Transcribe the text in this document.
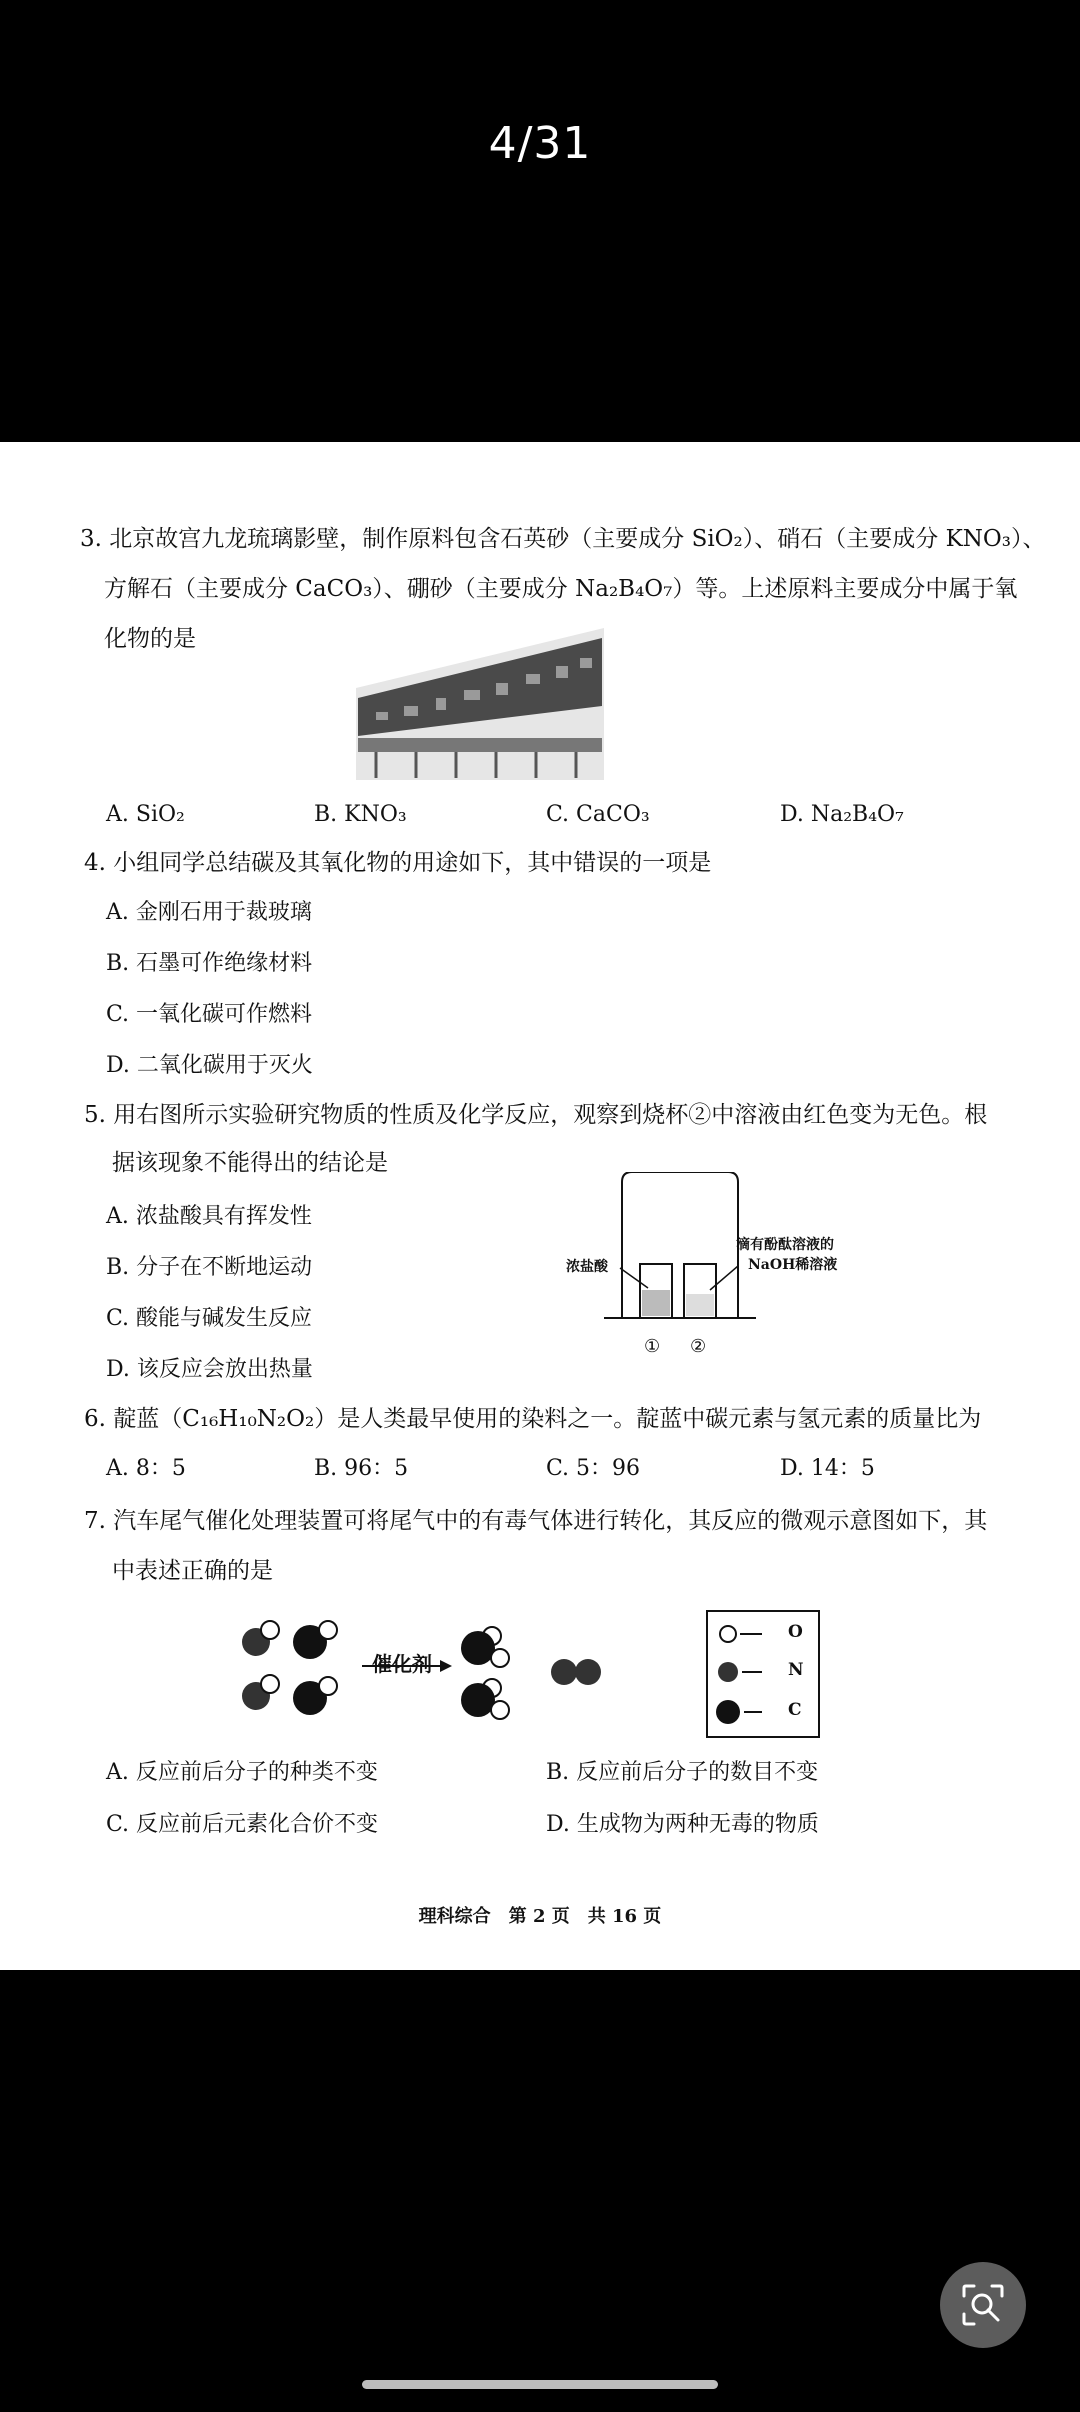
4/31
3. 北京故宫九龙琉璃影壁，制作原料包含石英砂（主要成分 SiO₂）、硝石（主要成分 KNO₃）、
方解石（主要成分 CaCO₃）、硼砂（主要成分 Na₂B₄O₇）等。上述原料主要成分中属于氧
化物的是
A. SiO₂	B. KNO₃	C. CaCO₃	D. Na₂B₄O₇
4. 小组同学总结碳及其氧化物的用途如下，其中错误的一项是
A. 金刚石用于裁玻璃
B. 石墨可作绝缘材料
C. 一氧化碳可作燃料
D. 二氧化碳用于灭火
5. 用右图所示实验研究物质的性质及化学反应，观察到烧杯②中溶液由红色变为无色。根
据该现象不能得出的结论是
A. 浓盐酸具有挥发性
B. 分子在不断地运动
C. 酸能与碱发生反应
D. 该反应会放出热量
浓盐酸
滴有酚酞溶液的
NaOH稀溶液
① ②
6. 靛蓝（C₁₆H₁₀N₂O₂）是人类最早使用的染料之一。靛蓝中碳元素与氢元素的质量比为
A. 8：5	B. 96：5	C. 5：96	D. 14：5
7. 汽车尾气催化处理装置可将尾气中的有毒气体进行转化，其反应的微观示意图如下，其
中表述正确的是
催化剂
O
N
C
A. 反应前后分子的种类不变	B. 反应前后分子的数目不变
C. 反应前后元素化合价不变	D. 生成物为两种无毒的物质
理科综合　第 2 页　共 16 页
